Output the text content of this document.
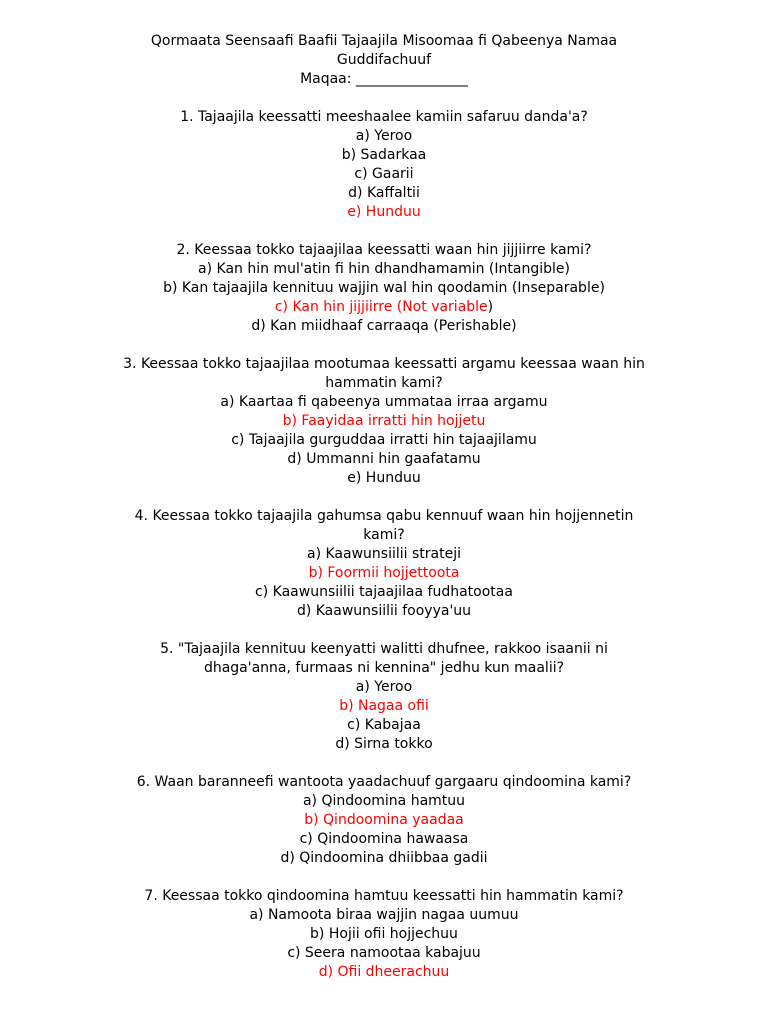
Qormaata Seensaafi Baafii Tajaajila Misoomaa fi Qabeenya Namaa
Guddifachuuf
Maqaa: ________________
1. Tajaajila keessatti meeshaalee kamiin safaruu danda'a?
a) Yeroo
b) Sadarkaa
c) Gaarii
d) Kaffaltii
e) Hunduu
2. Keessaa tokko tajaajilaa keessatti waan hin jijjiirre kami?
a) Kan hin mul'atin fi hin dhandhamamin (Intangible)
b) Kan tajaajila kennituu wajjin wal hin qoodamin (Inseparable)
c) Kan hin jijjiirre (Not variable)
d) Kan miidhaaf carraaqa (Perishable)
3. Keessaa tokko tajaajilaa mootumaa keessatti argamu keessaa waan hin
hammatin kami?
a) Kaartaa fi qabeenya ummataa irraa argamu
b) Faayidaa irratti hin hojjetu
c) Tajaajila gurguddaa irratti hin tajaajilamu
d) Ummanni hin gaafatamu
e) Hunduu
4. Keessaa tokko tajaajila gahumsa qabu kennuuf waan hin hojjennetin
kami?
a) Kaawunsiilii strateji
b) Foormii hojjettoota
c) Kaawunsiilii tajaajilaa fudhatootaa
d) Kaawunsiilii fooyya'uu
5. "Tajaajila kennituu keenyatti walitti dhufnee, rakkoo isaanii ni
dhaga'anna, furmaas ni kennina" jedhu kun maalii?
a) Yeroo
b) Nagaa ofii
c) Kabajaa
d) Sirna tokko
6. Waan baranneefi wantoota yaadachuuf gargaaru qindoomina kami?
a) Qindoomina hamtuu
b) Qindoomina yaadaa
c) Qindoomina hawaasa
d) Qindoomina dhiibbaa gadii
7. Keessaa tokko qindoomina hamtuu keessatti hin hammatin kami?
a) Namoota biraa wajjin nagaa uumuu
b) Hojii ofii hojjechuu
c) Seera namootaa kabajuu
d) Ofii dheerachuu
